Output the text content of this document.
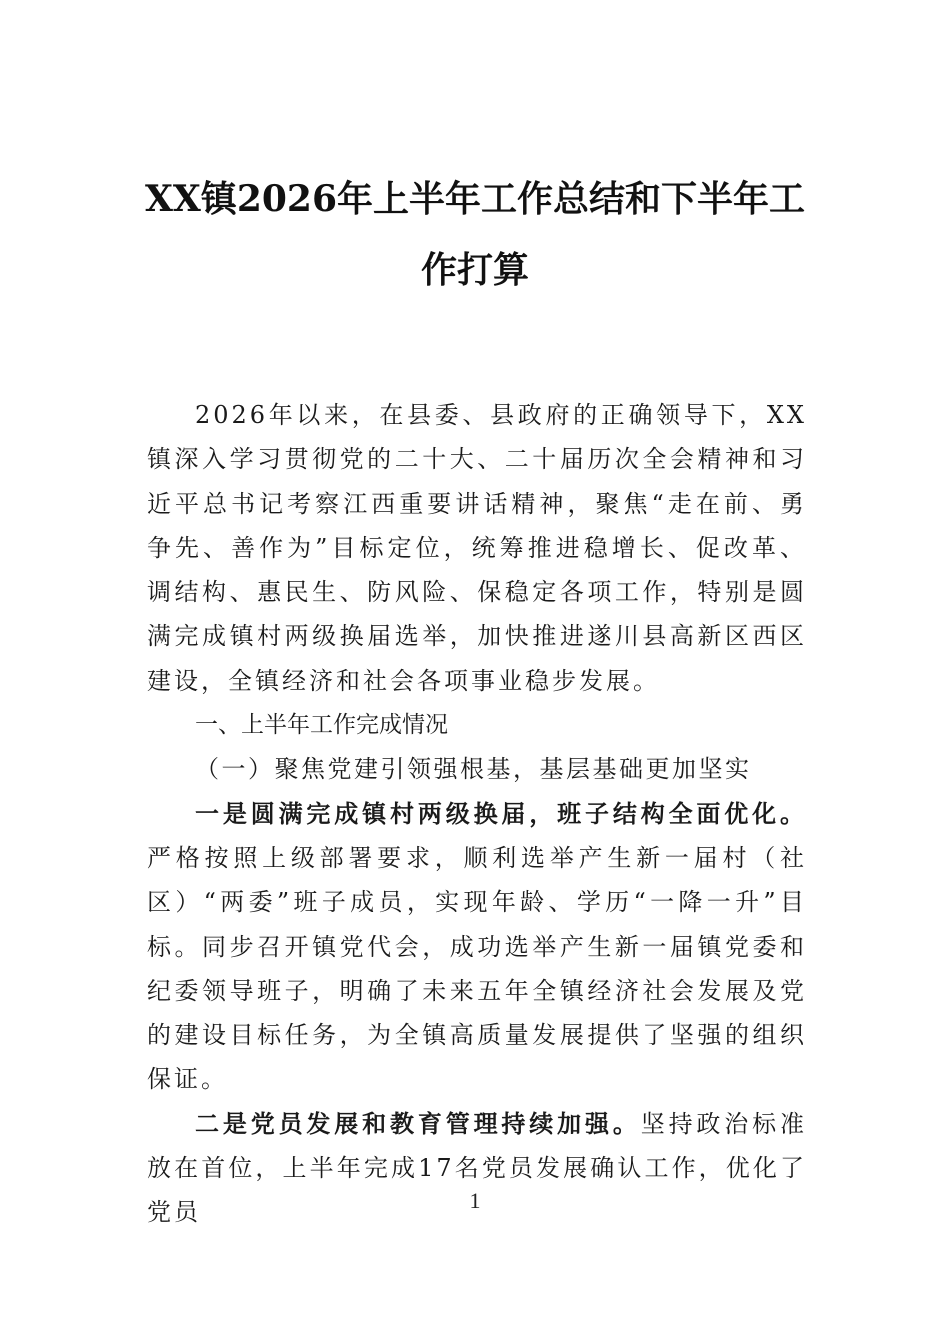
XX镇2026年上半年工作总结和下半年工
作打算

2026年以来，在县委、县政府的正确领导下，XX镇深入学习贯彻党的二十大、二十届历次全会精神和习近平总书记考察江西重要讲话精神，聚焦“走在前、勇争先、善作为”目标定位，统筹推进稳增长、促改革、调结构、惠民生、防风险、保稳定各项工作，特别是圆满完成镇村两级换届选举，加快推进遂川县高新区西区建设，全镇经济和社会各项事业稳步发展。

一、上半年工作完成情况

（一）聚焦党建引领强根基，基层基础更加坚实

一是圆满完成镇村两级换届，班子结构全面优化。严格按照上级部署要求，顺利选举产生新一届村（社区）“两委”班子成员，实现年龄、学历“一降一升”目标。同步召开镇党代会，成功选举产生新一届镇党委和纪委领导班子，明确了未来五年全镇经济社会发展及党的建设目标任务，为全镇高质量发展提供了坚强的组织保证。

二是党员发展和教育管理持续加强。坚持政治标准放在首位，上半年完成17名党员发展确认工作，优化了党员	1
